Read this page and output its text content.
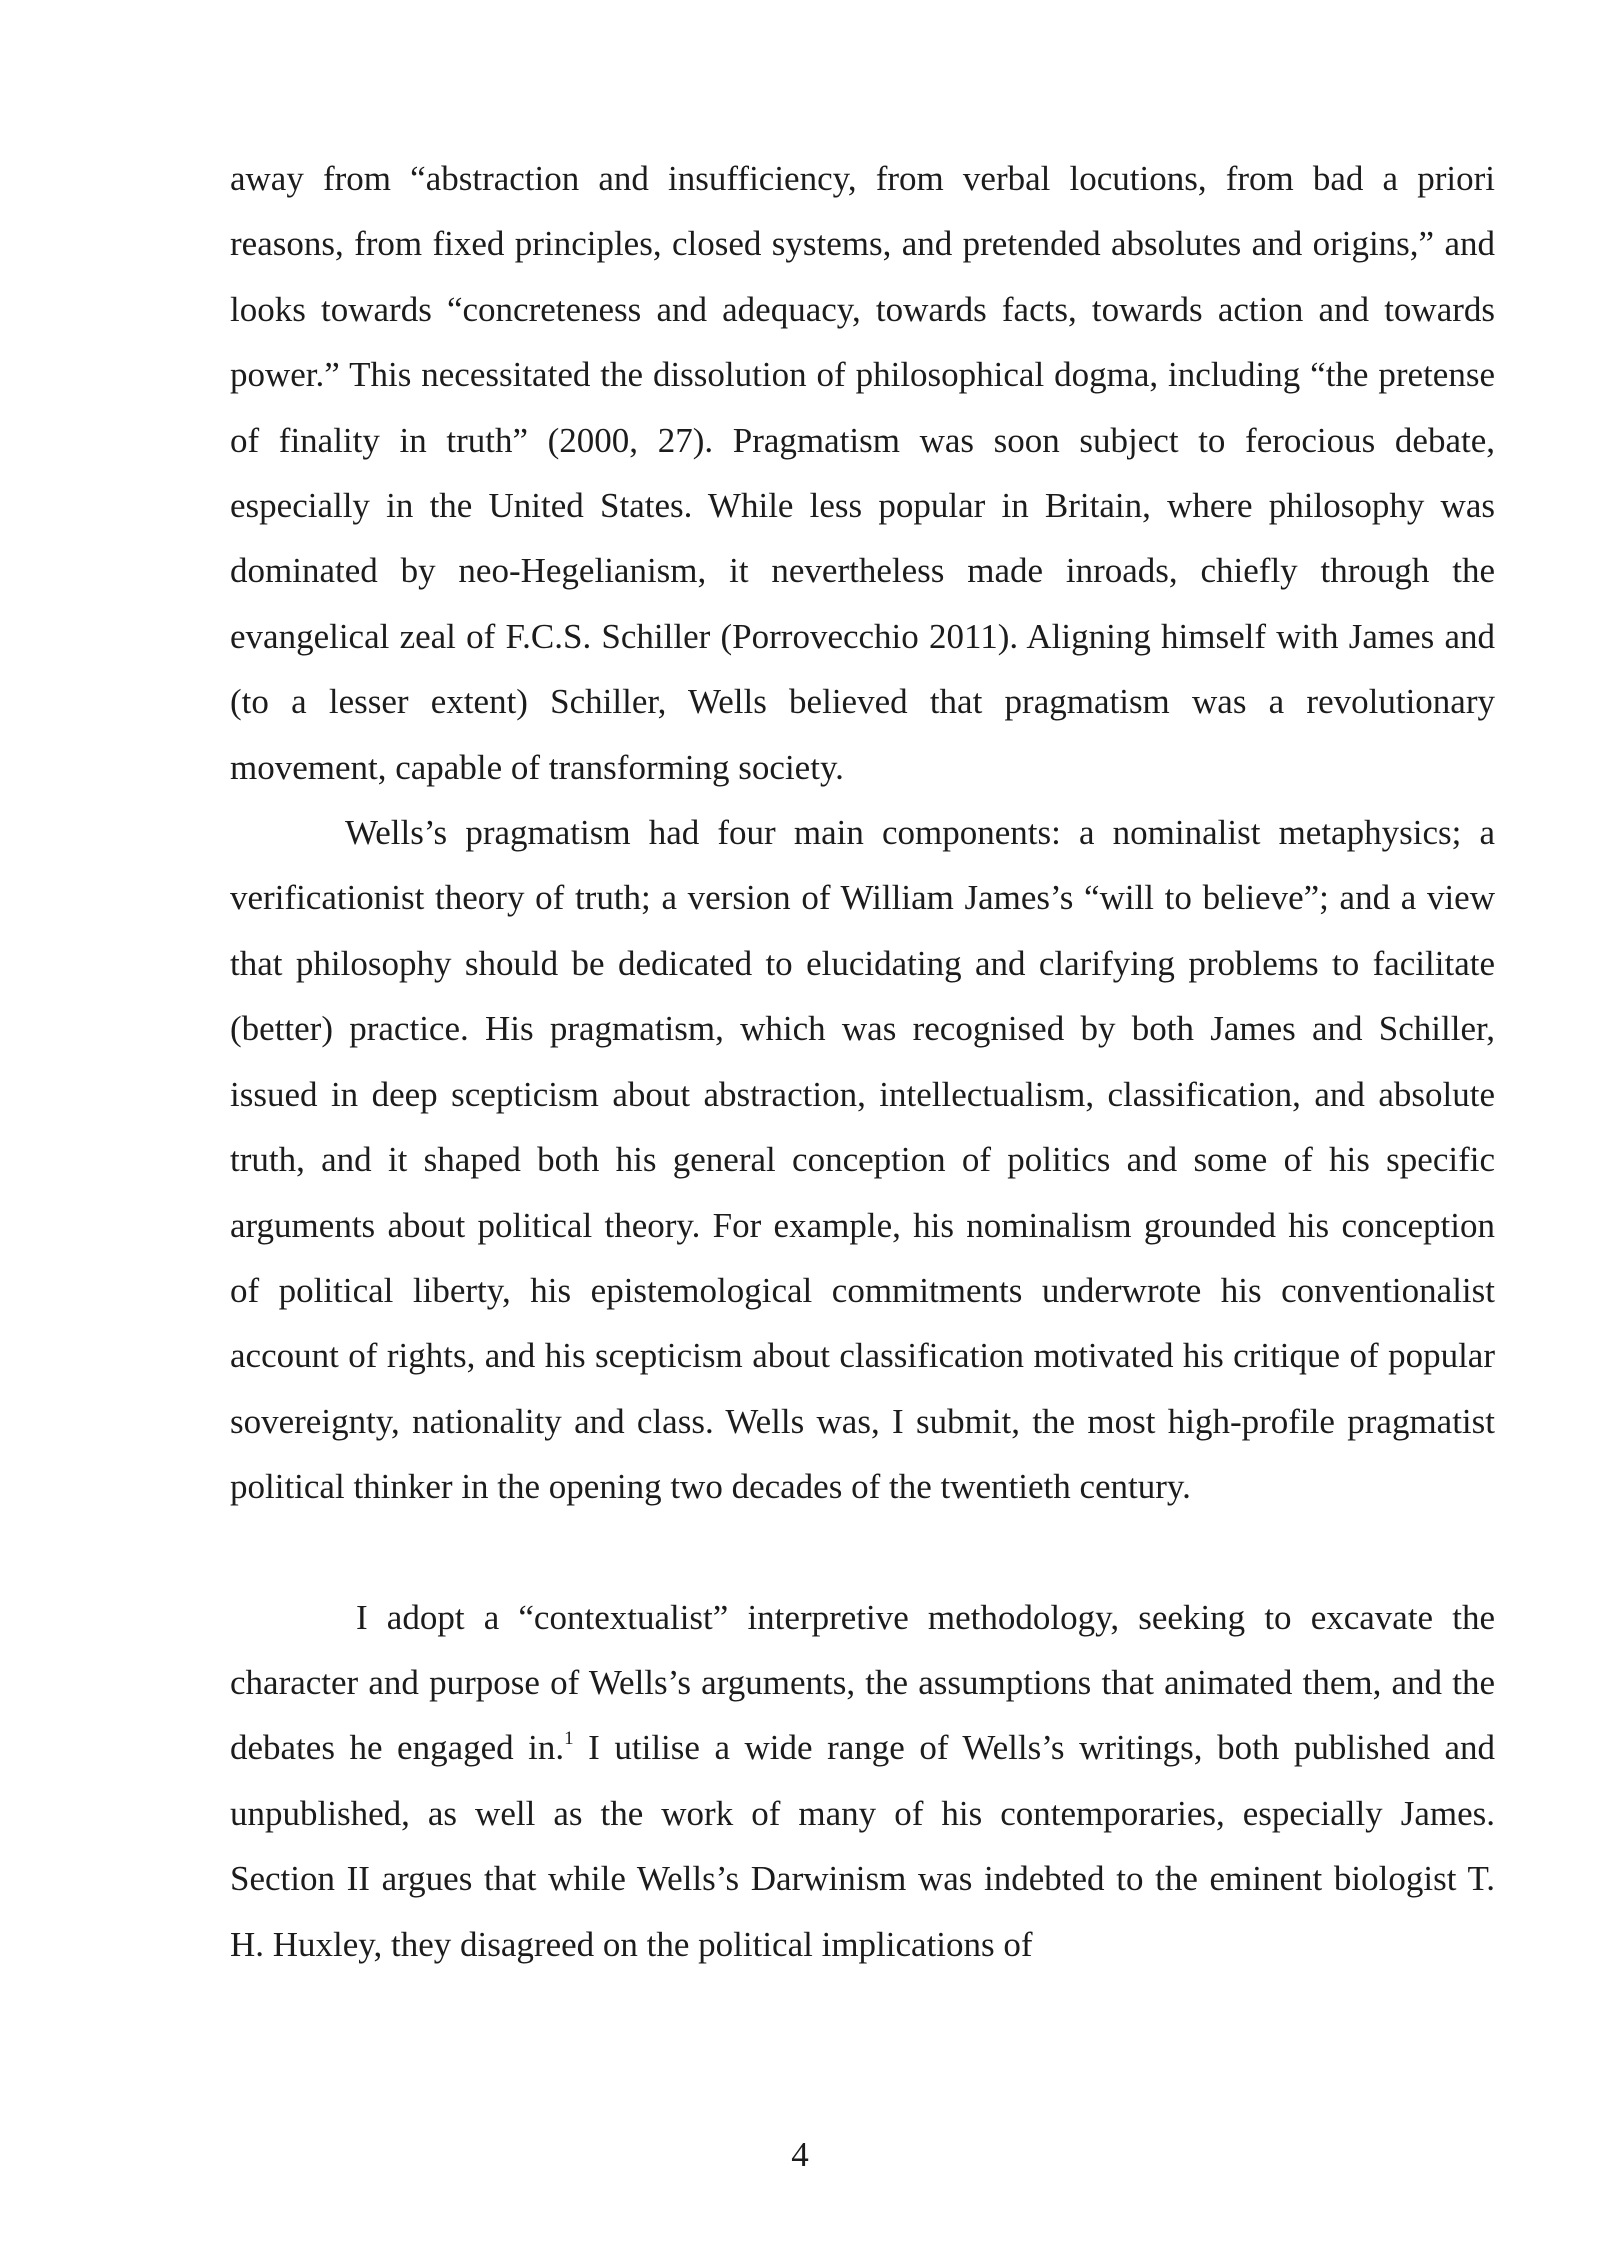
away from “abstraction and insufficiency, from verbal locutions, from bad a priori reasons, from fixed principles, closed systems, and pretended absolutes and origins,” and looks towards “concreteness and adequacy, towards facts, towards action and towards power.” This necessitated the dissolution of philosophical dogma, including “the pretense of finality in truth” (2000, 27). Pragmatism was soon subject to ferocious debate, especially in the United States. While less popular in Britain, where philosophy was dominated by neo-Hegelianism, it nevertheless made inroads, chiefly through the evangelical zeal of F.C.S. Schiller (Porrovecchio 2011). Aligning himself with James and (to a lesser extent) Schiller, Wells believed that pragmatism was a revolutionary movement, capable of transforming society.

Wells’s pragmatism had four main components: a nominalist metaphysics; a verificationist theory of truth; a version of William James’s “will to believe”; and a view that philosophy should be dedicated to elucidating and clarifying problems to facilitate (better) practice. His pragmatism, which was recognised by both James and Schiller, issued in deep scepticism about abstraction, intellectualism, classification, and absolute truth, and it shaped both his general conception of politics and some of his specific arguments about political theory. For example, his nominalism grounded his conception of political liberty, his epistemological commitments underwrote his conventionalist account of rights, and his scepticism about classification motivated his critique of popular sovereignty, nationality and class. Wells was, I submit, the most high-profile pragmatist political thinker in the opening two decades of the twentieth century.

I adopt a “contextualist” interpretive methodology, seeking to excavate the character and purpose of Wells’s arguments, the assumptions that animated them, and the debates he engaged in.$^1$ I utilise a wide range of Wells’s writings, both published and unpublished, as well as the work of many of his contemporaries, especially James. Section II argues that while Wells’s Darwinism was indebted to the eminent biologist T. H. Huxley, they disagreed on the political implications of

4
